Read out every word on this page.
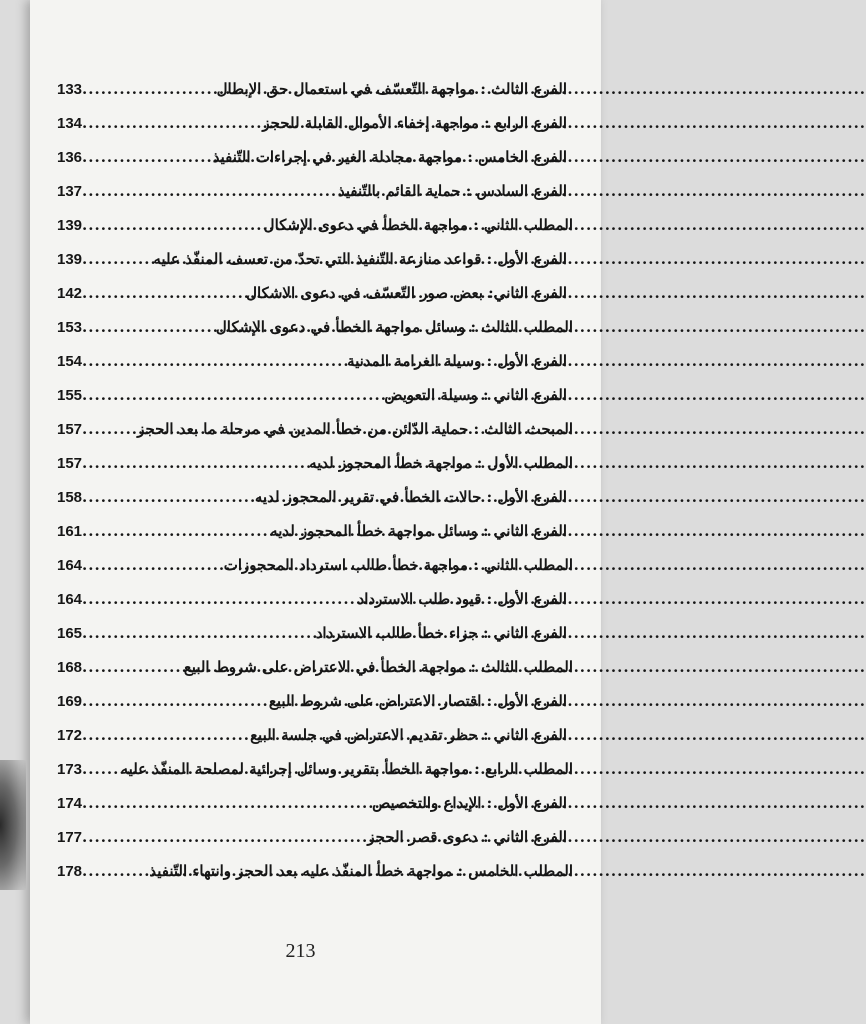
الفرع الثالث : مواجهة التّعسّف في استعمال حق الإبطال
.....
133
الفرع الرابع : مواجهة إخفاء الأموال القابلة للحجز
.....
134
الفرع الخامس : مواجهة مجادلة الغير في إجراءات التّنفيذ
.....
136
الفرع السادس : حماية القائم بالتّنفيذ
.....
137
المطلب الثاني : مواجهة الخطأ في دعوى الإشكال
.....
139
الفرع الأول : قواعد منازعة التّنفيذ التي تحدّ من تعسف المنفّذ عليه
.....
139
الفرع الثاني: بعض صور التّعسّف في دعوى الاشكال
.....
142
المطلب الثالث : وسائل مواجهة الخطأ في دعوى الإشكال
.....
153
الفرع الأول : وسيلة الغرامة المدنية
.....
154
الفرع الثاني : وسيلة التعويض
.....
155
المبحث الثالث : حماية الدّائن من خطأ المدين في مرحلة ما بعد الحجز
.....
157
المطلب الأول : مواجهة خطأ المحجوز لديه
.....
157
الفرع الأول : حالات الخطأ في تقرير المحجوز لديه
.....
158
الفرع الثاني : وسائل مواجهة خطأ المحجوز لديه
.....
161
المطلب الثاني : مواجهة خطأ طالب استرداد المحجوزات
.....
164
الفرع الأول : قيود طلب الاسترداد
.....
164
الفرع الثاني : جزاء خطأ طالب الاسترداد
.....
165
المطلب الثالث : مواجهة الخطأ في الاعتراض على شروط البيع
.....
168
الفرع الأول : اقتصار الاعتراض على شروط البيع
.....
169
الفرع الثاني : حظر تقديم الاعتراض في جلسة البيع
.....
172
المطلب الرابع : مواجهة الخطأ بتقرير وسائل إجرائية لمصلحة المنفّذ عليه
.....
173
الفرع الأول : الإيداع والتخصيص
.....
174
الفرع الثاني : دعوى قصر الحجز
.....
177
المطلب الخامس : مواجهة خطأ المنفّذ عليه بعد الحجز وانتهاء التّنفيذ
.....
178
213
